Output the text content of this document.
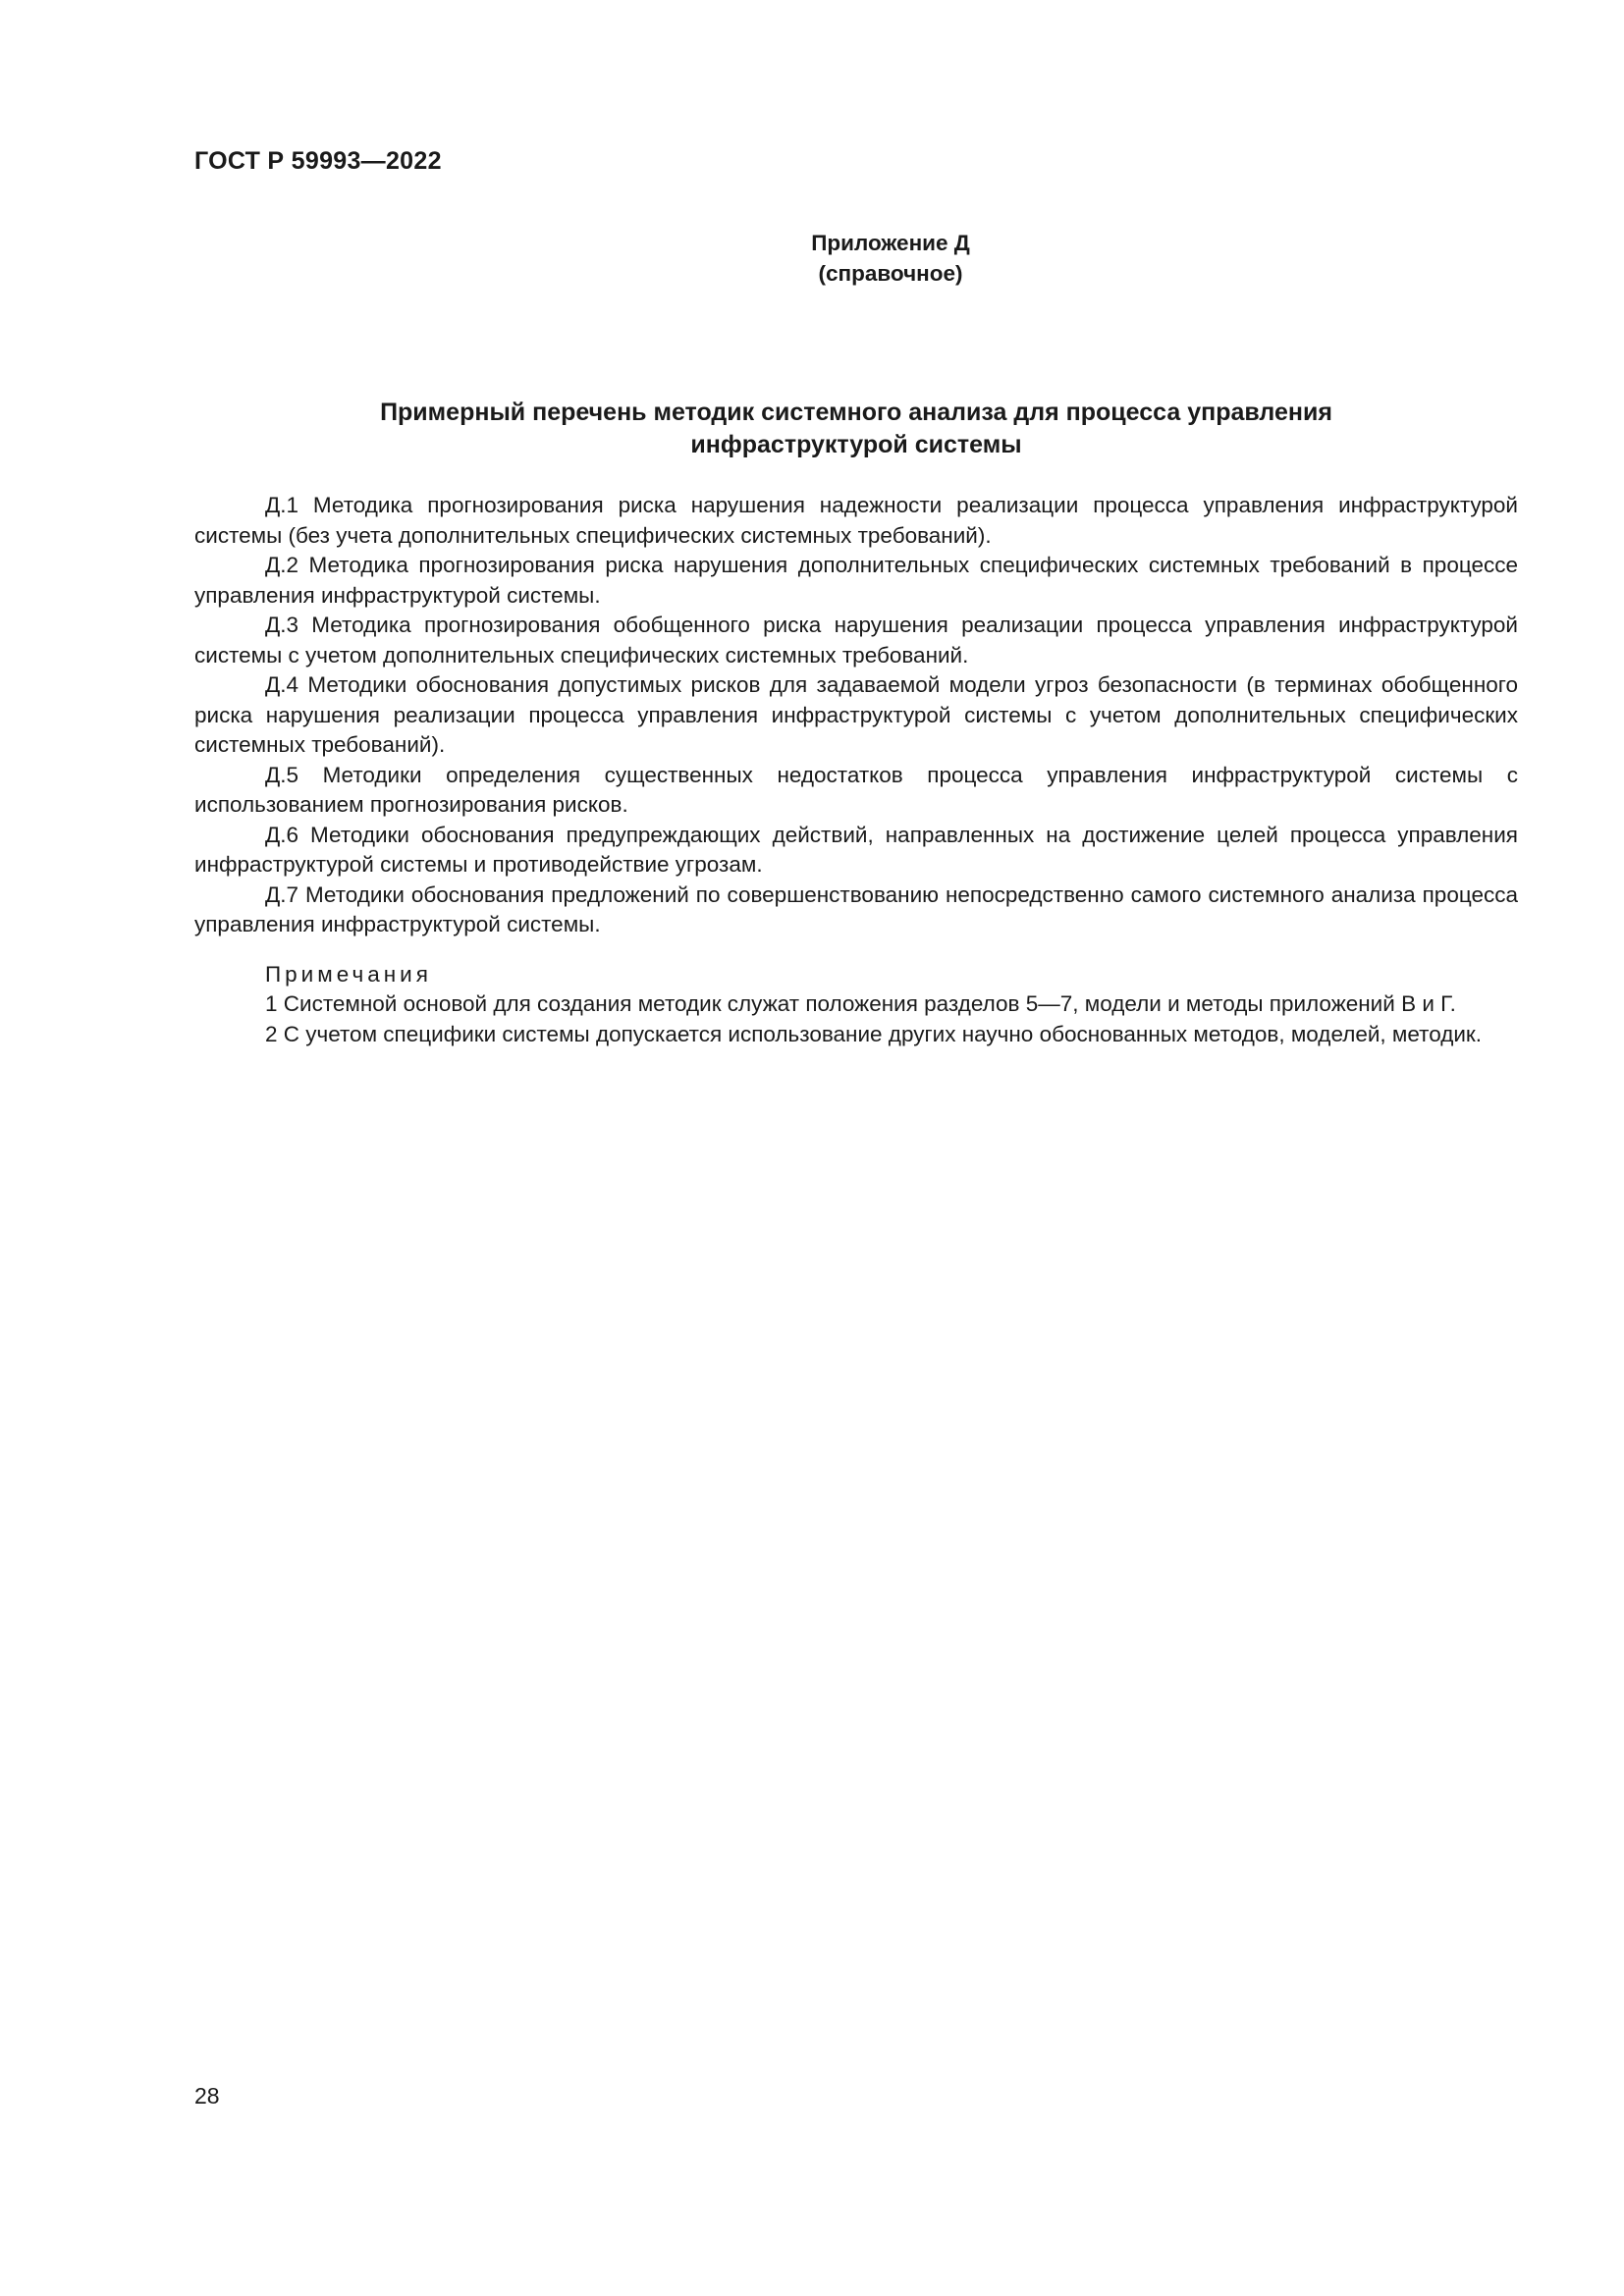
ГОСТ Р 59993—2022
Приложение Д
(справочное)
Примерный перечень методик системного анализа для процесса управления
инфраструктурой системы

Д.1 Методика прогнозирования риска нарушения надежности реализации процесса управления инфраструктурой системы (без учета дополнительных специфических системных требований).

Д.2 Методика прогнозирования риска нарушения дополнительных специфических системных требований в процессе управления инфраструктурой системы.

Д.3 Методика прогнозирования обобщенного риска нарушения реализации процесса управления инфраструктурой системы с учетом дополнительных специфических системных требований.

Д.4 Методики обоснования допустимых рисков для задаваемой модели угроз безопасности (в терминах обобщенного риска нарушения реализации процесса управления инфраструктурой системы с учетом дополнительных специфических системных требований).

Д.5 Методики определения существенных недостатков процесса управления инфраструктурой системы с использованием прогнозирования рисков.

Д.6 Методики обоснования предупреждающих действий, направленных на достижение целей процесса управления инфраструктурой системы и противодействие угрозам.

Д.7 Методики обоснования предложений по совершенствованию непосредственно самого системного анализа процесса управления инфраструктурой системы.

Примечания

1 Системной основой для создания методик служат положения разделов 5—7, модели и методы приложений В и Г.

2 С учетом специфики системы допускается использование других научно обоснованных методов, моделей, методик.

28
